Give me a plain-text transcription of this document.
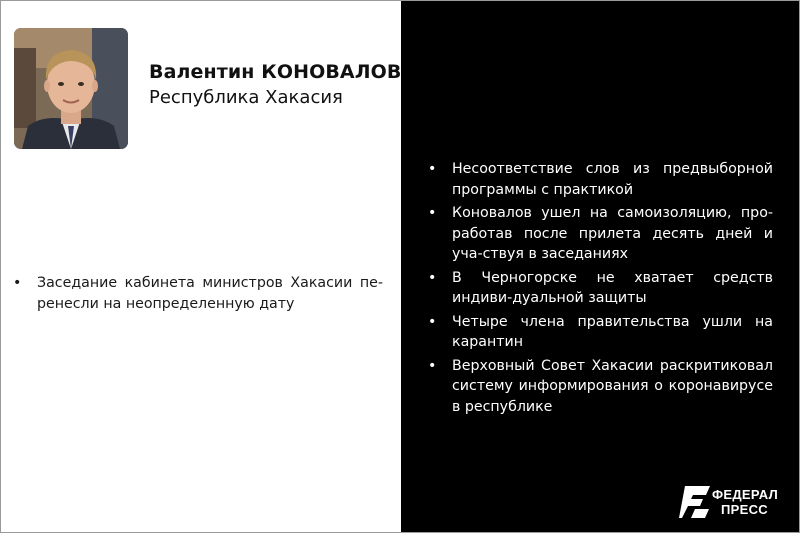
Валентин КОНОВАЛОВ
Республика Хакасия
• Заседание кабинета министров Хакасии пе-ренесли на неопределенную дату
• Несоответствие слов из предвыборной программы с практикой
• Коновалов ушел на самоизоляцию, про-работав после прилета десять дней и уча-ствуя в заседаниях
• В Черногорске не хватает средств индиви-дуальной защиты
• Четыре члена правительства ушли на карантин
• Верховный Совет Хакасии раскритиковал систему информирования о коронавирусе в республике
ФЕДЕРАЛ
ПРЕСС
